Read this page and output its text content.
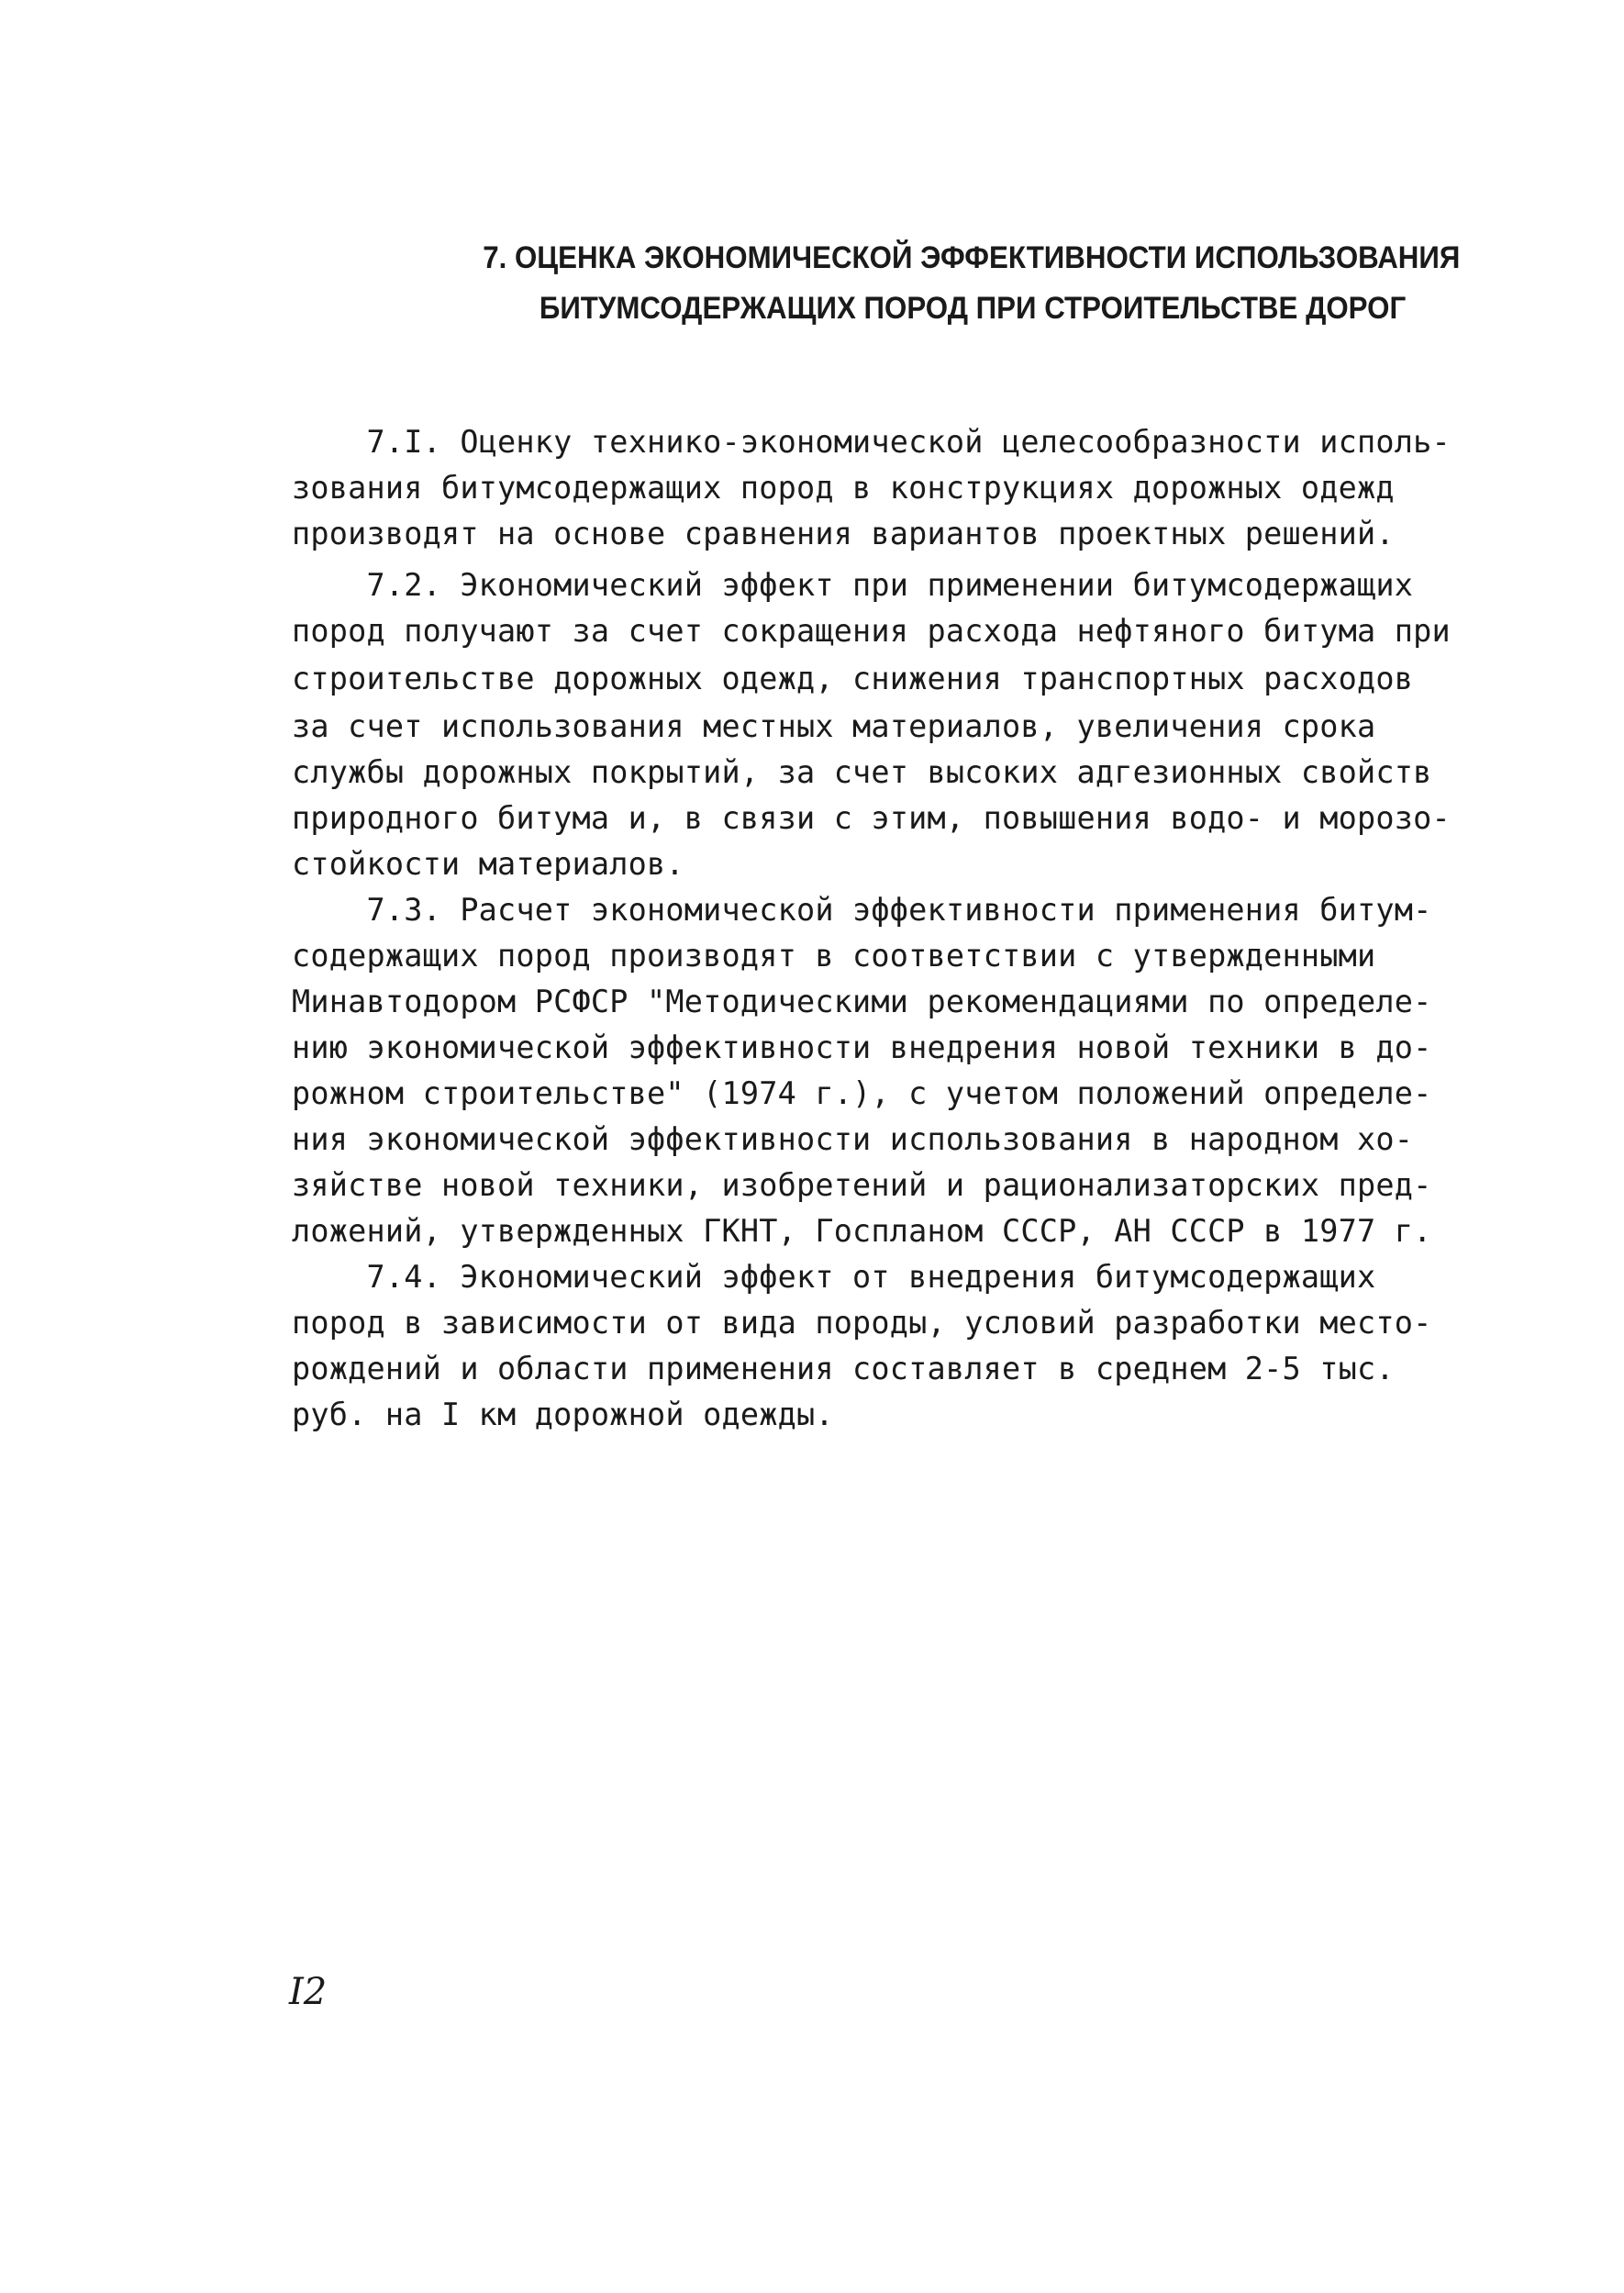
7. ОЦЕНКА ЭКОНОМИЧЕСКОЙ ЭФФЕКТИВНОСТИ ИСПОЛЬЗОВАНИЯ
БИТУМСОДЕРЖАЩИХ ПОРОД ПРИ СТРОИТЕЛЬСТВЕ ДОРОГ
7.I. Оценку технико-экономической целесообразности исполь-
зования битумсодержащих пород в конструкциях дорожных одежд
производят на основе сравнения вариантов проектных решений.
7.2. Экономический эффект при применении битумсодержащих
пород получают за счет сокращения расхода нефтяного битума при
строительстве дорожных одежд, снижения транспортных расходов
за счет использования местных материалов, увеличения срока
службы дорожных покрытий, за счет высоких адгезионных свойств
природного битума и, в связи с этим, повышения водо- и морозо-
стойкости материалов.
7.3. Расчет экономической эффективности применения битум-
содержащих пород производят в соответствии с утвержденными
Минавтодором РСФСР "Методическими рекомендациями по определе-
нию экономической эффективности внедрения новой техники в до-
рожном строительстве" (1974 г.), с учетом положений определе-
ния экономической эффективности использования в народном хо-
зяйстве новой техники, изобретений и рационализаторских пред-
ложений, утвержденных ГКНТ, Госпланом СССР, АН СССР в 1977 г.
7.4. Экономический эффект от внедрения битумсодержащих
пород в зависимости от вида породы, условий разработки место-
рождений и области применения составляет в среднем 2-5 тыс.
руб. на I км дорожной одежды.
I2
